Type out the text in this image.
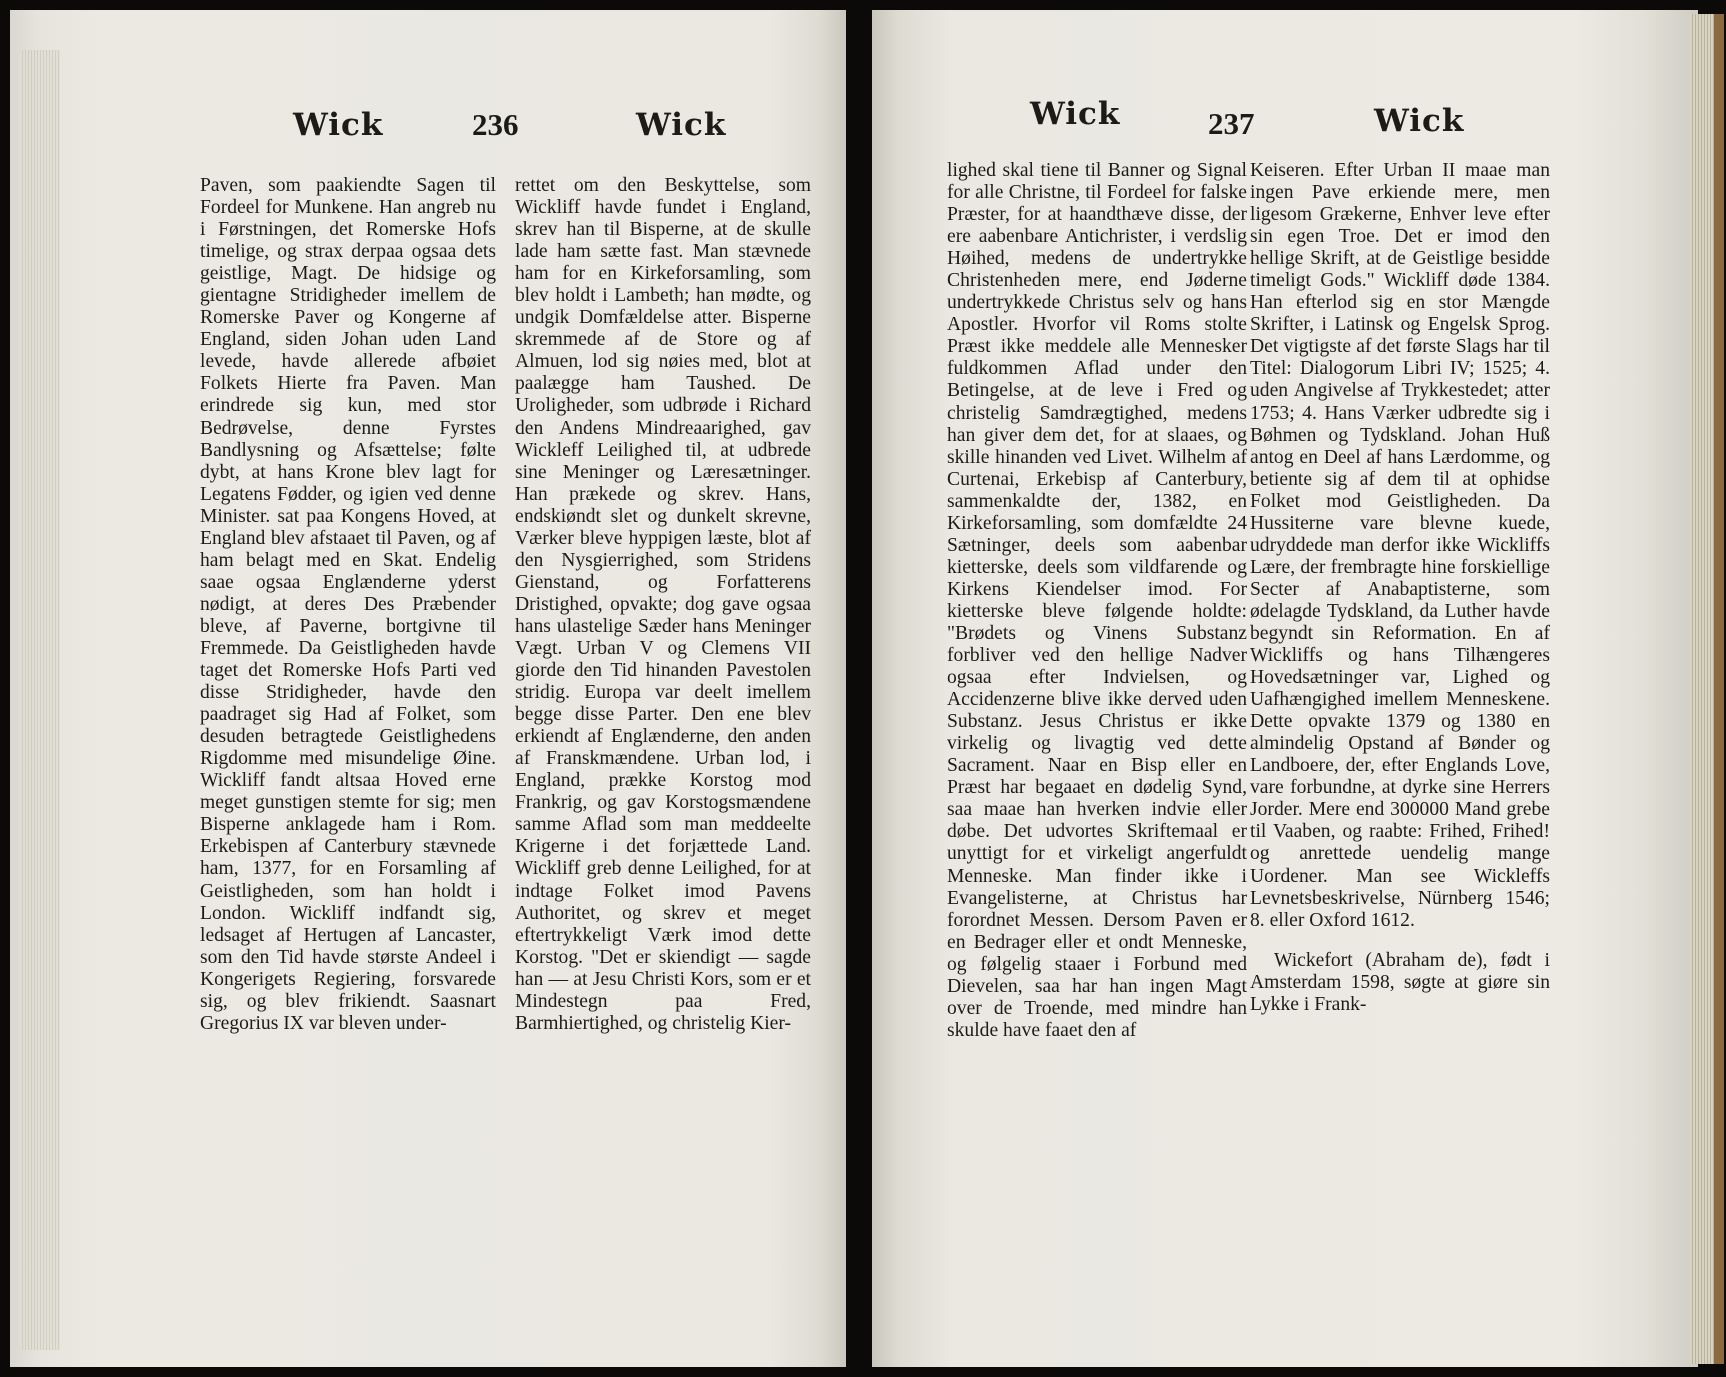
Wick	236	Wick

Paven, som paakiendte Sagen til Fordeel for Munkene. Han angreb nu i Førstningen, det Romerske Hofs timelige, og strax derpaa ogsaa dets geistlige, Magt. De hidsige og gientagne Stridigheder imellem de Romerske Paver og Kongerne af England, siden Johan uden Land levede, havde allerede afbøiet Folkets Hierte fra Paven. Man erindrede sig kun, med stor Bedrøvelse, denne Fyrstes Bandlysning og Afsættelse; følte dybt, at hans Krone blev lagt for Legatens Fødder, og igien ved denne Minister. sat paa Kongens Hoved, at England blev afstaaet til Paven, og af ham belagt med en Skat. Endelig saae ogsaa Englænderne yderst nødigt, at deres Des Præbender bleve, af Paverne, bortgivne til Fremmede. Da Geistligheden havde taget det Romerske Hofs Parti ved disse Stridigheder, havde den paadraget sig Had af Folket, som desuden betragtede Geistlighedens Rigdomme med misundelige Øine. Wickliff fandt altsaa Hoved erne meget gunstigen stemte for sig; men Bisperne anklagede ham i Rom. Erkebispen af Canterbury stævnede ham, 1377, for en Forsamling af Geistligheden, som han holdt i London. Wickliff indfandt sig, ledsaget af Hertugen af Lancaster, som den Tid havde største Andeel i Kongerigets Regiering, forsvarede sig, og blev frikiendt. Saasnart Gregorius IX var bleven under-

rettet om den Beskyttelse, som Wickliff havde fundet i England, skrev han til Bisperne, at de skulle lade ham sætte fast. Man stævnede ham for en Kirkeforsamling, som blev holdt i Lambeth; han mødte, og undgik Domfældelse atter. Bisperne skremmede af de Store og af Almuen, lod sig nøies med, blot at paalægge ham Taushed. De Uroligheder, som udbrøde i Richard den Andens Mindreaarighed, gav Wickleff Leilighed til, at udbrede sine Meninger og Læresætninger. Han prækede og skrev. Hans, endskiøndt slet og dunkelt skrevne, Værker bleve hyppigen læste, blot af den Nysgierrighed, som Stridens Gienstand, og Forfatterens Dristighed, opvakte; dog gave ogsaa hans ulastelige Sæder hans Meninger Vægt. Urban V og Clemens VII giorde den Tid hinanden Pavestolen stridig. Europa var deelt imellem begge disse Parter. Den ene blev erkiendt af Englænderne, den anden af Franskmændene. Urban lod, i England, prække Korstog mod Frankrig, og gav Korstogsmændene samme Aflad som man meddeelte Krigerne i det forjættede Land. Wickliff greb denne Leilighed, for at indtage Folket imod Pavens Authoritet, og skrev et meget eftertrykkeligt Værk imod dette Korstog. "Det er skiendigt — sagde han — at Jesu Christi Kors, som er et Mindestegn paa Fred, Barmhiertighed, og christelig Kier-

Wick	237	Wick

lighed skal tiene til Banner og Signal for alle Christne, til Fordeel for falske Præster, for at haandthæve disse, der ere aabenbare Antichrister, i verdslig Høihed, medens de undertrykke Christenheden mere, end Jøderne undertrykkede Christus selv og hans Apostler. Hvorfor vil Roms stolte Præst ikke meddele alle Mennesker fuldkommen Aflad under den Betingelse, at de leve i Fred og christelig Samdrægtighed, medens han giver dem det, for at slaaes, og skille hinanden ved Livet. Wilhelm af Curtenai, Erkebisp af Canterbury, sammenkaldte der, 1382, en Kirkeforsamling, som domfældte 24 Sætninger, deels som aabenbar kietterske, deels som vildfarende og Kirkens Kiendelser imod. For kietterske bleve følgende holdte: "Brødets og Vinens Substanz forbliver ved den hellige Nadver ogsaa efter Indvielsen, og Accidenzerne blive ikke derved uden Substanz. Jesus Christus er ikke virkelig og livagtig ved dette Sacrament. Naar en Bisp eller en Præst har begaaet en dødelig Synd, saa maae han hverken indvie eller døbe. Det udvortes Skriftemaal er unyttigt for et virkeligt angerfuldt Menneske. Man finder ikke i Evangelisterne, at Christus har forordnet Messen. Dersom Paven er en Bedrager eller et ondt Menneske, og følgelig staaer i Forbund med Dievelen, saa har han ingen Magt over de Troende, med mindre han skulde have faaet den af

Keiseren. Efter Urban II maae man ingen Pave erkiende mere, men ligesom Grækerne, Enhver leve efter sin egen Troe. Det er imod den hellige Skrift, at de Geistlige besidde timeligt Gods." Wickliff døde 1384. Han efterlod sig en stor Mængde Skrifter, i Latinsk og Engelsk Sprog. Det vigtigste af det første Slags har til Titel: Dialogorum Libri IV; 1525; 4. uden Angivelse af Trykkestedet; atter 1753; 4. Hans Værker udbredte sig i Bøhmen og Tydskland. Johan Huß antog en Deel af hans Lærdomme, og betiente sig af dem til at ophidse Folket mod Geistligheden. Da Hussiterne vare blevne kuede, udryddede man derfor ikke Wickliffs Lære, der frembragte hine forskiellige Secter af Anabaptisterne, som ødelagde Tydskland, da Luther havde begyndt sin Reformation. En af Wickliffs og hans Tilhængeres Hovedsætninger var, Lighed og Uafhængighed imellem Menneskene. Dette opvakte 1379 og 1380 en almindelig Opstand af Bønder og Landboere, der, efter Englands Love, vare forbundne, at dyrke sine Herrers Jorder. Mere end 300000 Mand grebe til Vaaben, og raabte: Frihed, Frihed! og anrettede uendelig mange Uordener. Man see Wickleffs Levnetsbeskrivelse, Nürnberg 1546; 8. eller Oxford 1612.

Wickefort (Abraham de), født i Amsterdam 1598, søgte at giøre sin Lykke i Frank-
